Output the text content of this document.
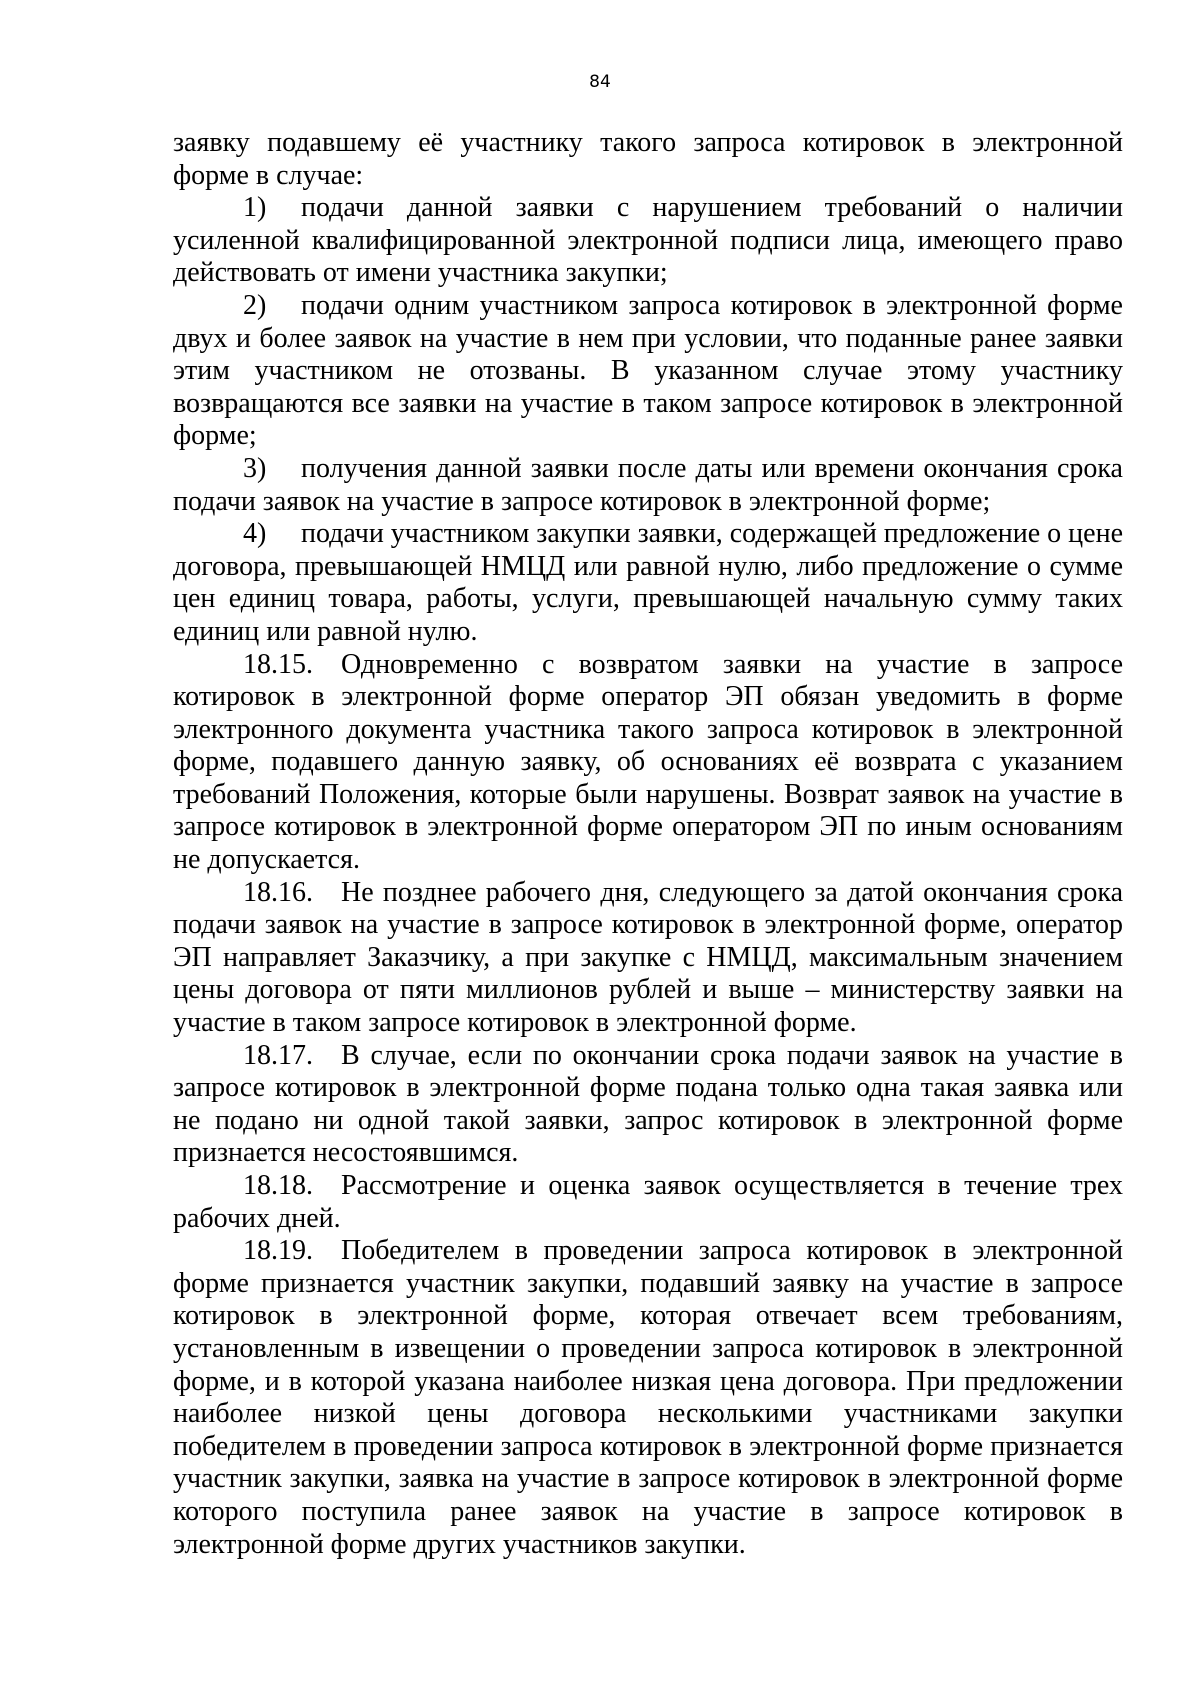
84

заявку подавшему её участнику такого запроса котировок в электронной форме в случае:

1) подачи данной заявки с нарушением требований о наличии усиленной квалифицированной электронной подписи лица, имеющего право действовать от имени участника закупки;

2) подачи одним участником запроса котировок в электронной форме двух и более заявок на участие в нем при условии, что поданные ранее заявки этим участником не отозваны. В указанном случае этому участнику возвращаются все заявки на участие в таком запросе котировок в электронной форме;

3) получения данной заявки после даты или времени окончания срока подачи заявок на участие в запросе котировок в электронной форме;

4) подачи участником закупки заявки, содержащей предложение о цене договора, превышающей НМЦД или равной нулю, либо предложение о сумме цен единиц товара, работы, услуги, превышающей начальную сумму таких единиц или равной нулю.

18.15. Одновременно с возвратом заявки на участие в запросе котировок в электронной форме оператор ЭП обязан уведомить в форме электронного документа участника такого запроса котировок в электронной форме, подавшего данную заявку, об основаниях её возврата с указанием требований Положения, которые были нарушены. Возврат заявок на участие в запросе котировок в электронной форме оператором ЭП по иным основаниям не допускается.

18.16. Не позднее рабочего дня, следующего за датой окончания срока подачи заявок на участие в запросе котировок в электронной форме, оператор ЭП направляет Заказчику, а при закупке с НМЦД, максимальным значением цены договора от пяти миллионов рублей и выше – министерству заявки на участие в таком запросе котировок в электронной форме.

18.17. В случае, если по окончании срока подачи заявок на участие в запросе котировок в электронной форме подана только одна такая заявка или не подано ни одной такой заявки, запрос котировок в электронной форме признается несостоявшимся.

18.18. Рассмотрение и оценка заявок осуществляется в течение трех рабочих дней.

18.19. Победителем в проведении запроса котировок в электронной форме признается участник закупки, подавший заявку на участие в запросе котировок в электронной форме, которая отвечает всем требованиям, установленным в извещении о проведении запроса котировок в электронной форме, и в которой указана наиболее низкая цена договора. При предложении наиболее низкой цены договора несколькими участниками закупки победителем в проведении запроса котировок в электронной форме признается участник закупки, заявка на участие в запросе котировок в электронной форме которого поступила ранее заявок на участие в запросе котировок в электронной форме других участников закупки.
